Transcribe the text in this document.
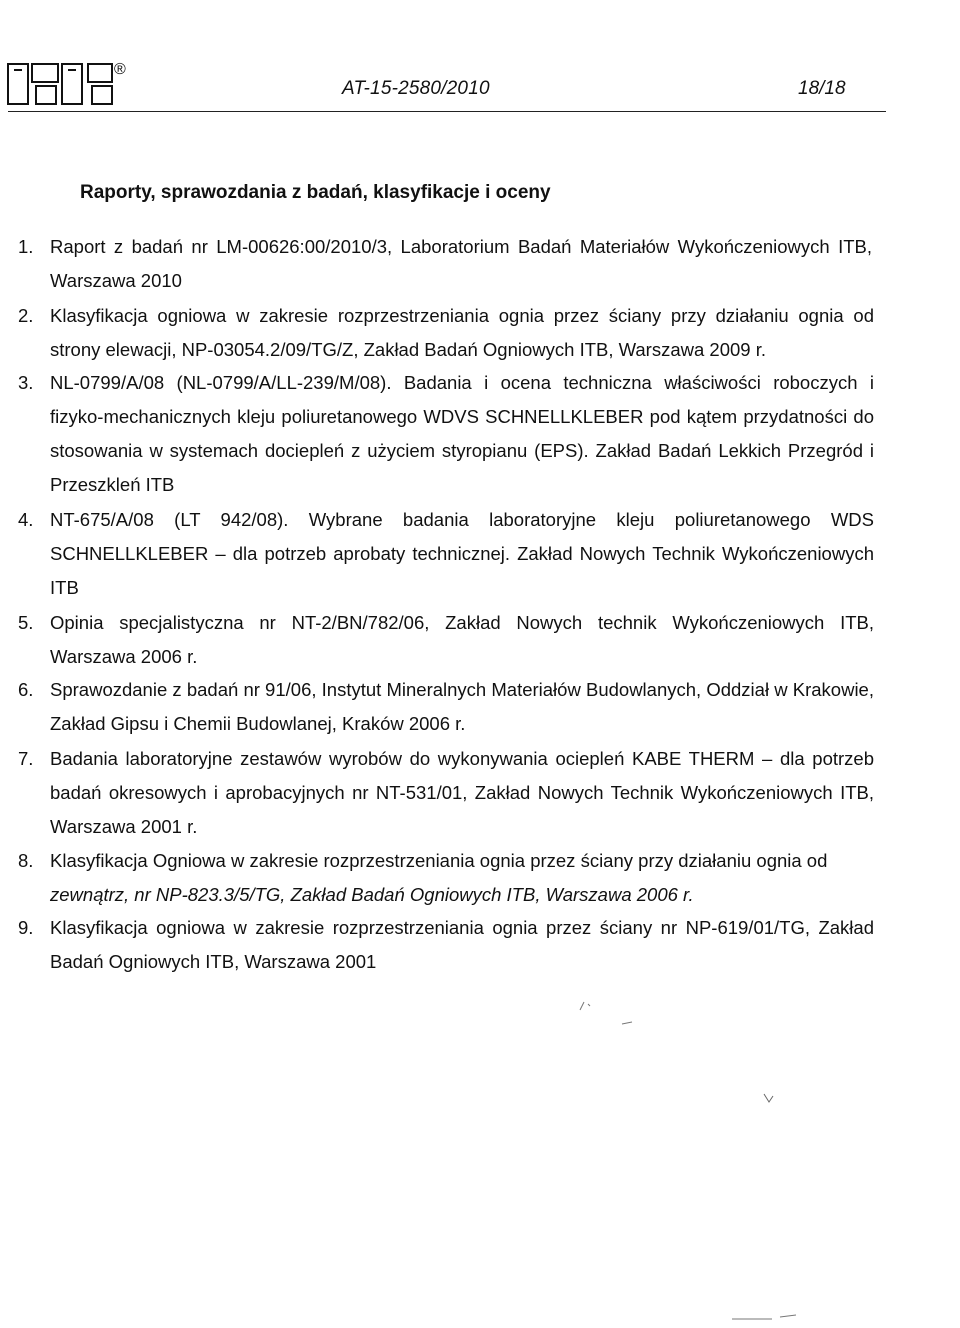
®
AT-15-2580/2010	18/18
Raporty, sprawozdania z badań, klasyfikacje i oceny
1. Raport z badań nr LM-00626:00/2010/3, Laboratorium Badań Materiałów Wykończeniowych ITB, Warszawa 2010
2. Klasyfikacja ogniowa w zakresie rozprzestrzeniania ognia przez ściany przy działaniu ognia od strony elewacji, NP-03054.2/09/TG/Z, Zakład Badań Ogniowych ITB, Warszawa 2009 r.
3. NL-0799/A/08 (NL-0799/A/LL-239/M/08). Badania i ocena techniczna właściwości roboczych i fizyko-mechanicznych kleju poliuretanowego WDVS SCHNELLKLEBER pod kątem przydatności do stosowania w systemach dociepleń z użyciem styropianu (EPS). Zakład Badań Lekkich Przegród i Przeszkleń ITB
4. NT-675/A/08 (LT 942/08). Wybrane badania laboratoryjne kleju poliuretanowego WDS SCHNELLKLEBER – dla potrzeb aprobaty technicznej. Zakład Nowych Technik Wykończeniowych ITB
5. Opinia specjalistyczna nr NT-2/BN/782/06, Zakład Nowych technik Wykończeniowych ITB, Warszawa 2006 r.
6. Sprawozdanie z badań nr 91/06, Instytut Mineralnych Materiałów Budowlanych, Oddział w Krakowie, Zakład Gipsu i Chemii Budowlanej, Kraków 2006 r.
7. Badania laboratoryjne zestawów wyrobów do wykonywania ociepleń KABE THERM – dla potrzeb badań okresowych i aprobacyjnych nr NT-531/01, Zakład Nowych Technik Wykończeniowych ITB, Warszawa 2001 r.
8. Klasyfikacja Ogniowa w zakresie rozprzestrzeniania ognia przez ściany przy działaniu ognia od
zewnątrz, nr NP-823.3/5/TG, Zakład Badań Ogniowych ITB, Warszawa 2006 r.
9. Klasyfikacja ogniowa w zakresie rozprzestrzeniania ognia przez ściany nr NP-619/01/TG, Zakład Badań Ogniowych ITB, Warszawa 2001
